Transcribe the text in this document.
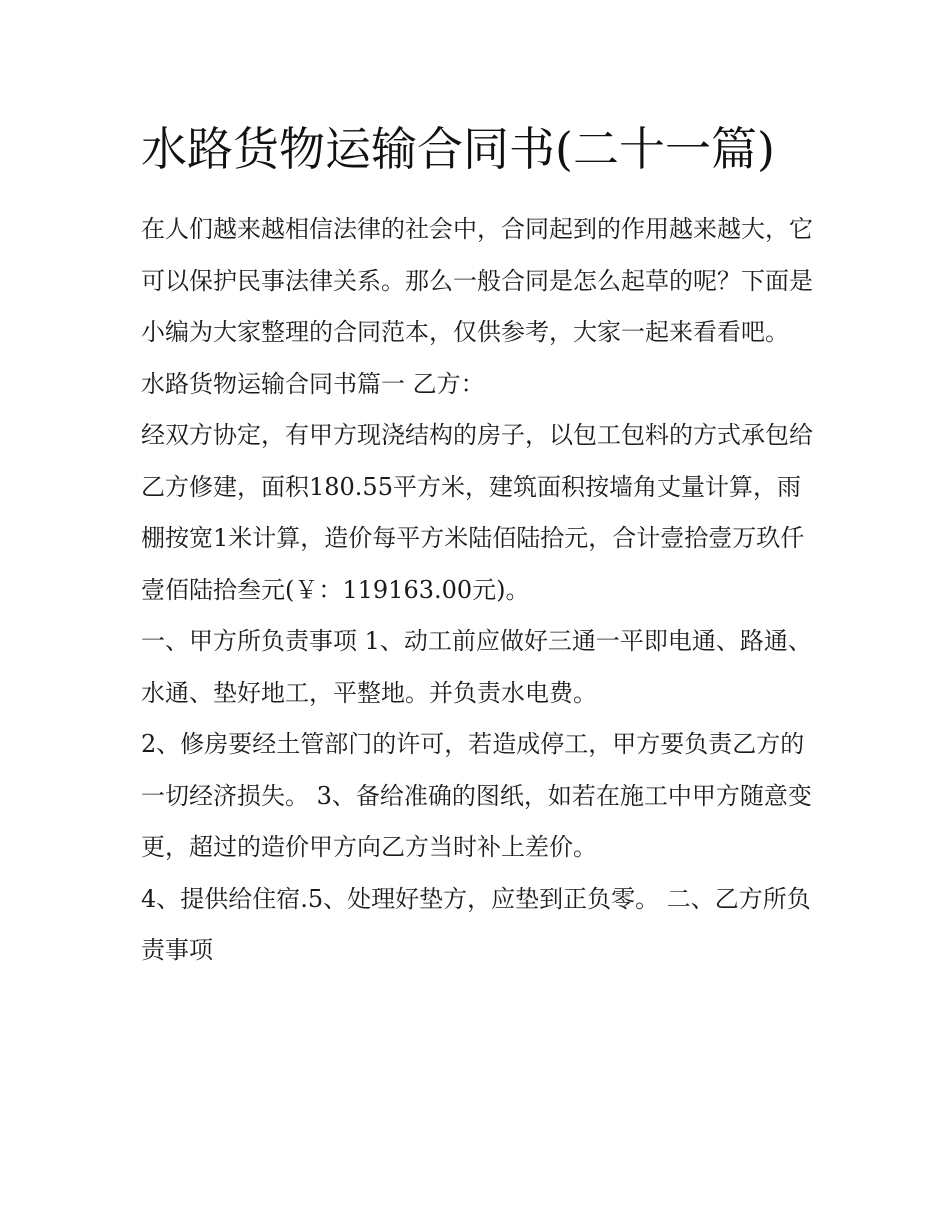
水路货物运输合同书(二十一篇)

在人们越来越相信法律的社会中，合同起到的作用越来越大，它可以保护民事法律关系。那么一般合同是怎么起草的呢？下面是小编为大家整理的合同范本，仅供参考，大家一起来看看吧。

水路货物运输合同书篇一 乙方：

经双方协定，有甲方现浇结构的房子，以包工包料的方式承包给乙方修建，面积180.55平方米，建筑面积按墙角丈量计算，雨棚按宽1米计算，造价每平方米陆佰陆拾元，合计壹拾壹万玖仟壹佰陆拾叁元(￥：119163.00元)。

一、甲方所负责事项 1、动工前应做好三通一平即电通、路通、水通、垫好地工，平整地。并负责水电费。

2、修房要经土管部门的许可，若造成停工，甲方要负责乙方的一切经济损失。 3、备给准确的图纸，如若在施工中甲方随意变更，超过的造价甲方向乙方当时补上差价。

4、提供给住宿.5、处理好垫方，应垫到正负零。 二、乙方所负责事项
